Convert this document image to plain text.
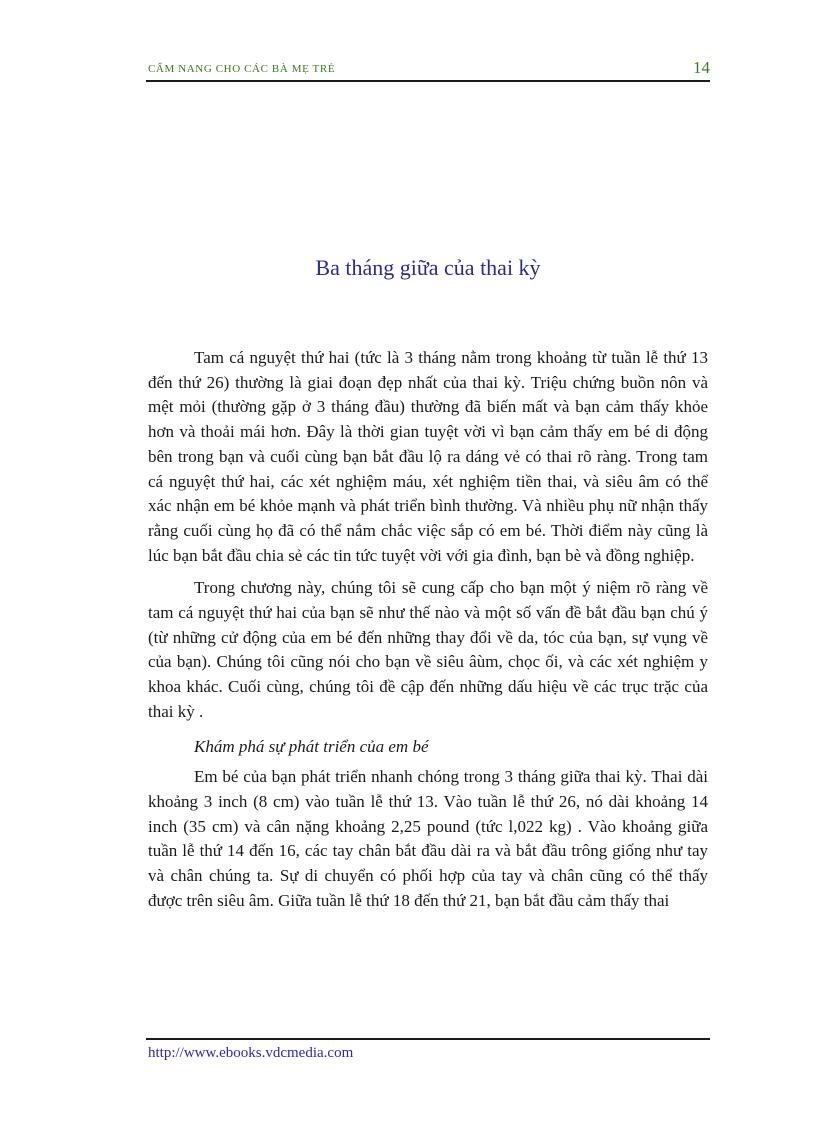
CẨM NANG CHO CÁC BÀ MẸ TRẺ	14
Ba tháng giữa của thai kỳ

Tam cá nguyệt thứ hai (tức là 3 tháng nằm trong khoảng từ tuần lễ thứ 13 đến thứ 26) thường là giai đoạn đẹp nhất của thai kỳ. Triệu chứng buồn nôn và mệt mỏi (thường gặp ở 3 tháng đầu) thường đã biến mất và bạn cảm thấy khỏe hơn và thoải mái hơn. Đây là thời gian tuyệt vời vì bạn cảm thấy em bé di động bên trong bạn và cuối cùng bạn bắt đầu lộ ra dáng vẻ có thai rõ ràng. Trong tam cá nguyệt thứ hai, các xét nghiệm máu, xét nghiệm tiền thai, và siêu âm có thể xác nhận em bé khỏe mạnh và phát triển bình thường. Và nhiều phụ nữ nhận thấy rằng cuối cùng họ đã có thể nắm chắc việc sắp có em bé. Thời điểm này cũng là lúc bạn bắt đầu chia sẻ các tin tức tuyệt vời với gia đình, bạn bè và đồng nghiệp.

Trong chương này, chúng tôi sẽ cung cấp cho bạn một ý niệm rõ ràng về tam cá nguyệt thứ hai của bạn sẽ như thế nào và một số vấn đề bắt đầu bạn chú ý (từ những cử động của em bé đến những thay đổi về da, tóc của bạn, sự vụng về của bạn). Chúng tôi cũng nói cho bạn về siêu âùm, chọc ối, và các xét nghiệm y khoa khác. Cuối cùng, chúng tôi đề cập đến những dấu hiệu về các trục trặc của thai kỳ .

Khám phá sự phát triển của em bé

Em bé của bạn phát triển nhanh chóng trong 3 tháng giữa thai kỳ. Thai dài khoảng 3 inch (8 cm) vào tuần lễ thứ 13. Vào tuần lễ thứ 26, nó dài khoảng 14 inch (35 cm) và cân nặng khoảng 2,25 pound (tức l,022 kg) . Vào khoảng giữa tuần lễ thứ 14 đến 16, các tay chân bắt đầu dài ra và bắt đầu trông giống như tay và chân chúng ta. Sự di chuyển có phối hợp của tay và chân cũng có thể thấy được trên siêu âm. Giữa tuần lễ thứ 18 đến thứ 21, bạn bắt đầu cảm thấy thai

http://www.ebooks.vdcmedia.com
